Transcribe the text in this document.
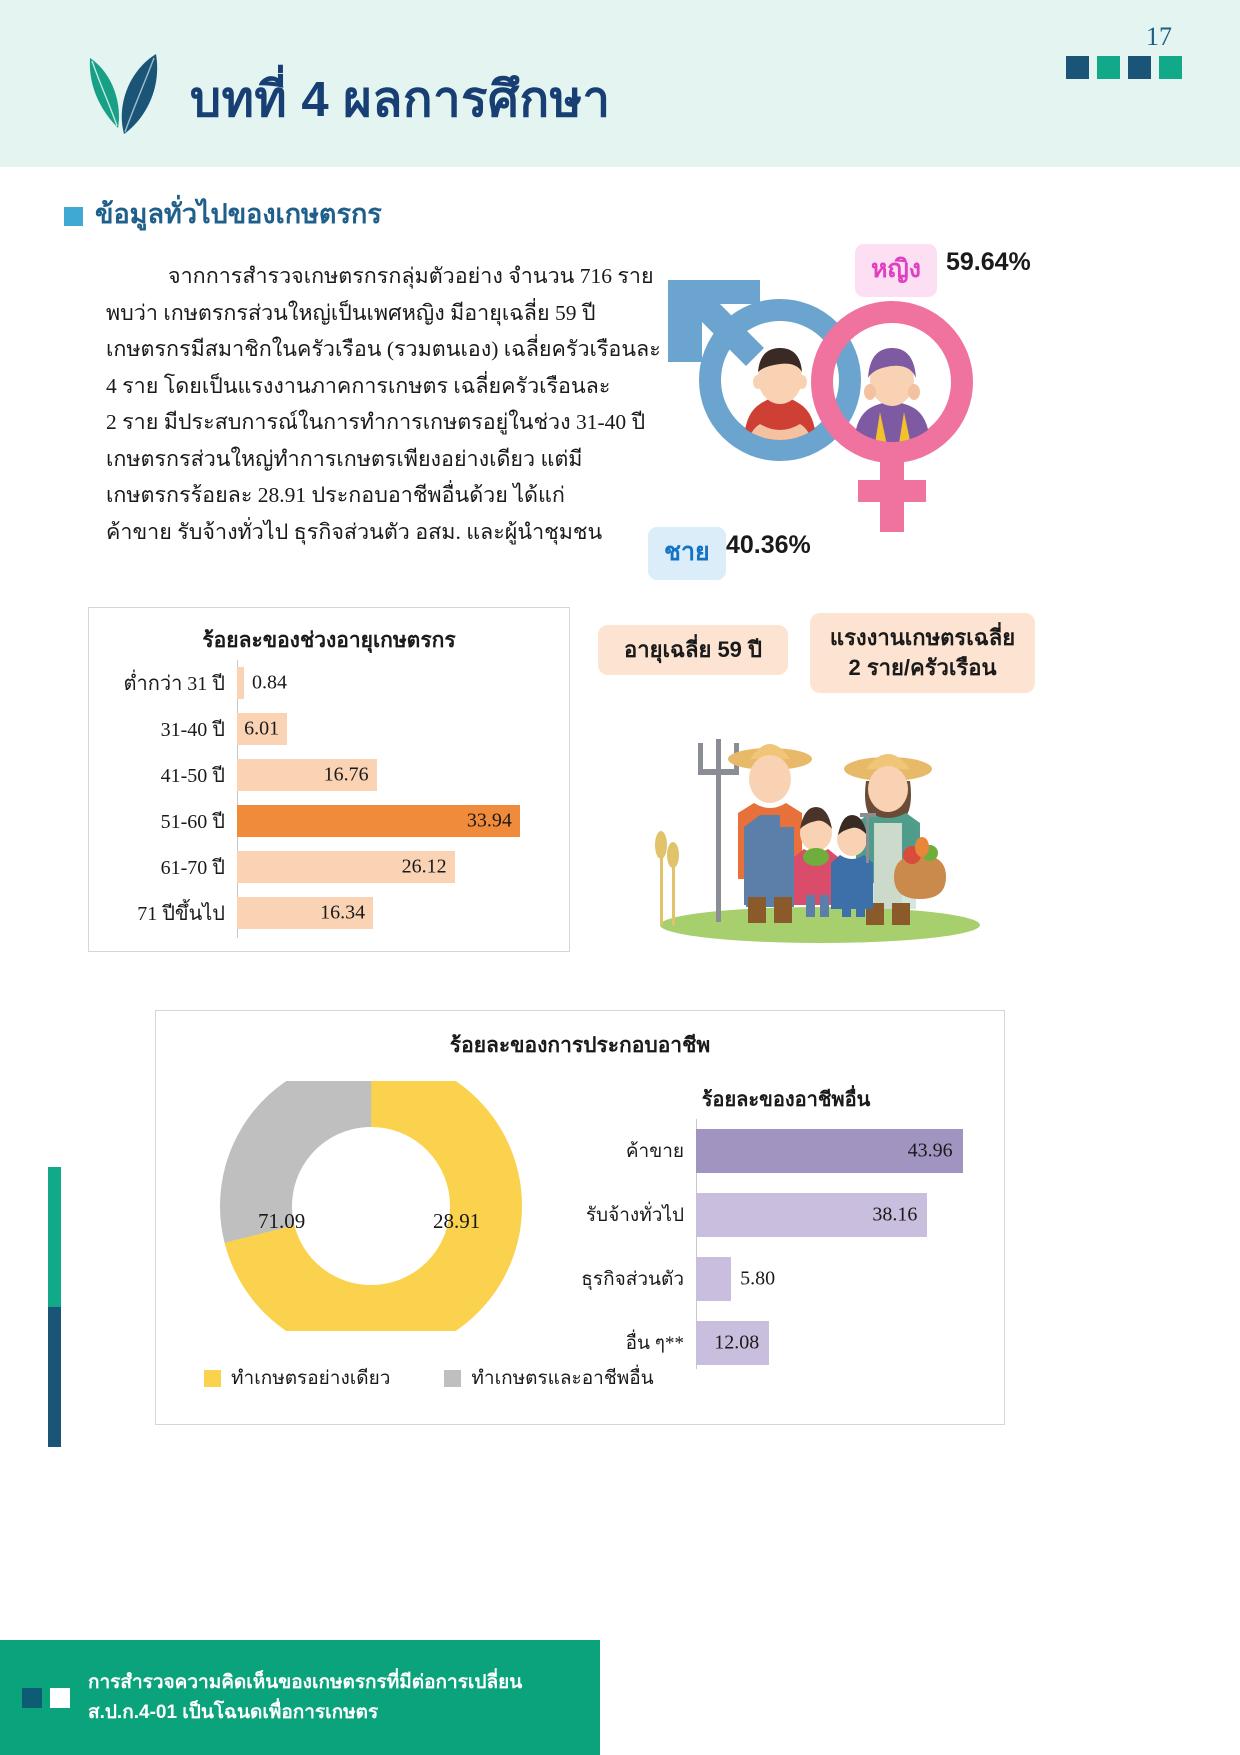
17
บทที่ 4 ผลการศึกษา
ข้อมูลทั่วไปของเกษตรกร
จากการสำรวจเกษตรกรกลุ่มตัวอย่าง จำนวน 716 ราย
พบว่า เกษตรกรส่วนใหญ่เป็นเพศหญิง มีอายุเฉลี่ย 59 ปี
เกษตรกรมีสมาชิกในครัวเรือน (รวมตนเอง) เฉลี่ยครัวเรือนละ
4 ราย โดยเป็นแรงงานภาคการเกษตร เฉลี่ยครัวเรือนละ
2 ราย มีประสบการณ์ในการทำการเกษตรอยู่ในช่วง 31-40 ปี
เกษตรกรส่วนใหญ่ทำการเกษตรเพียงอย่างเดียว แต่มี
เกษตรกรร้อยละ 28.91 ประกอบอาชีพอื่นด้วย ได้แก่
ค้าขาย รับจ้างทั่วไป ธุรกิจส่วนตัว อสม. และผู้นำชุมชน
หญิง	59.64%
ชาย 40.36%
ร้อยละของช่วงอายุเกษตรกร
ต่ำกว่า 31 ปี	0.84
31-40 ปี 6.01
41-50 ปี	16.76
51-60 ปี	33.94
61-70 ปี	26.12
71 ปีขึ้นไป	16.34
อายุเฉลี่ย 59 ปี	แรงงานเกษตรเฉลี่ย 2 ราย/ครัวเรือน
ร้อยละของการประกอบอาชีพ
71.09	28.91
ทำเกษตรอย่างเดียว	ทำเกษตรและอาชีพอื่น
ร้อยละของอาชีพอื่น
ค้าขาย	43.96
รับจ้างทั่วไป	38.16
ธุรกิจส่วนตัว	5.80
อื่น ๆ**	12.08
การสำรวจความคิดเห็นของเกษตรกรที่มีต่อการเปลี่ยน
ส.ป.ก.4-01 เป็นโฉนดเพื่อการเกษตร
